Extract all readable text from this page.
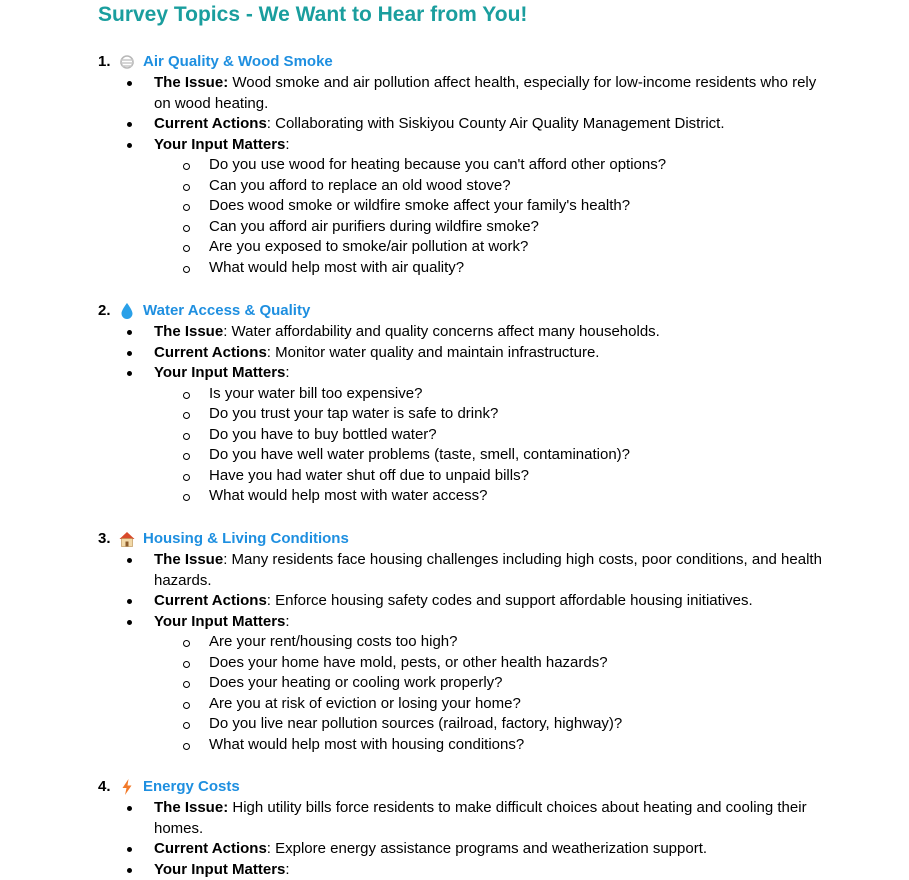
Survey Topics - We Want to Hear from You!
1. Air Quality & Wood Smoke
The Issue: Wood smoke and air pollution affect health, especially for low-income residents who rely on wood heating.
Current Actions: Collaborating with Siskiyou County Air Quality Management District.
Your Input Matters:
Do you use wood for heating because you can't afford other options?
Can you afford to replace an old wood stove?
Does wood smoke or wildfire smoke affect your family's health?
Can you afford air purifiers during wildfire smoke?
Are you exposed to smoke/air pollution at work?
What would help most with air quality?
2. Water Access & Quality
The Issue: Water affordability and quality concerns affect many households.
Current Actions: Monitor water quality and maintain infrastructure.
Your Input Matters:
Is your water bill too expensive?
Do you trust your tap water is safe to drink?
Do you have to buy bottled water?
Do you have well water problems (taste, smell, contamination)?
Have you had water shut off due to unpaid bills?
What would help most with water access?
3. Housing & Living Conditions
The Issue: Many residents face housing challenges including high costs, poor conditions, and health hazards.
Current Actions: Enforce housing safety codes and support affordable housing initiatives.
Your Input Matters:
Are your rent/housing costs too high?
Does your home have mold, pests, or other health hazards?
Does your heating or cooling work properly?
Are you at risk of eviction or losing your home?
Do you live near pollution sources (railroad, factory, highway)?
What would help most with housing conditions?
4. Energy Costs
The Issue: High utility bills force residents to make difficult choices about heating and cooling their homes.
Current Actions: Explore energy assistance programs and weatherization support.
Your Input Matters:
